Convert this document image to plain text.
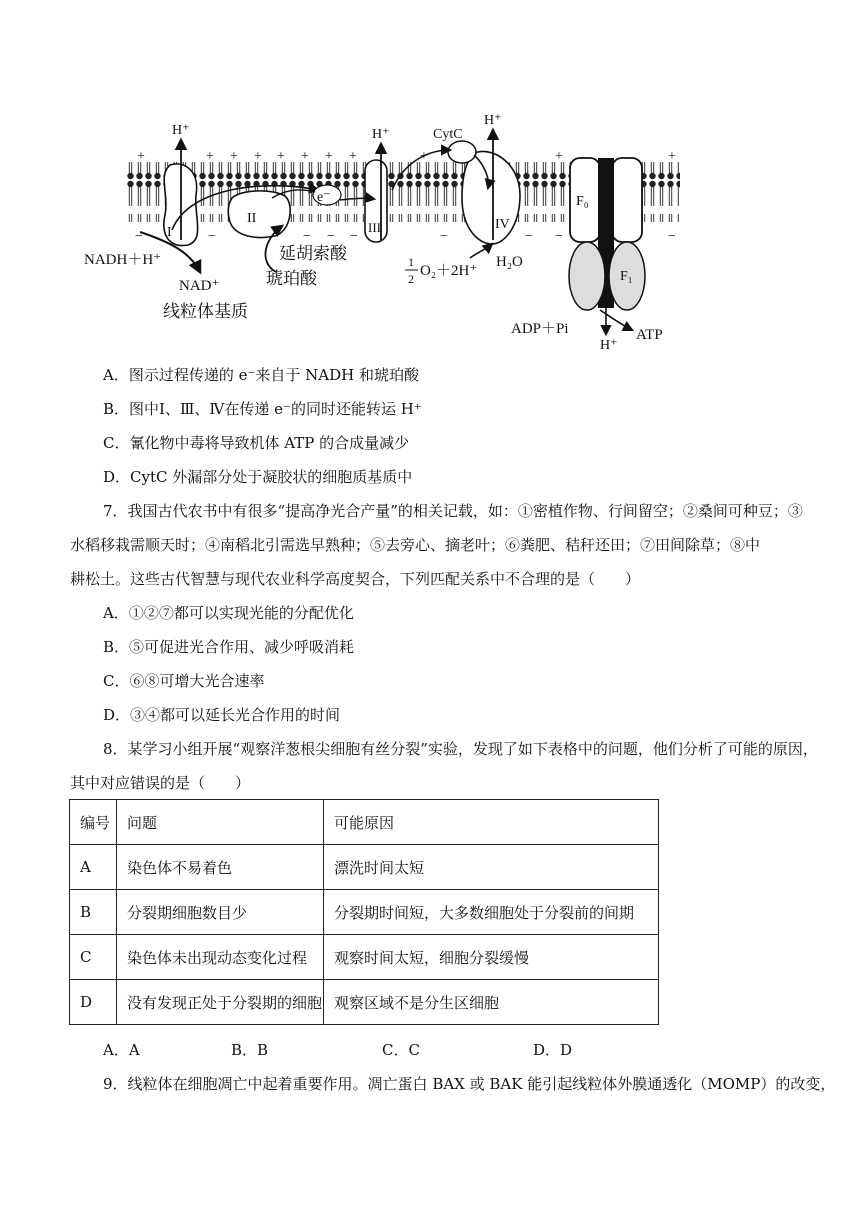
I
II
III	IV
CytC
F₀
F₁
+	+ + + + + + +	+	+	+
−	−	− − −	−	− −	−
H⁺	H⁺
H⁺
e⁻
NADH＋H⁺
NAD⁺
线粒体基质
延胡索酸
琥珀酸
1
2 O₂＋2H⁺
H₂O
ADP＋Pi	ATP
H⁺
A．图示过程传递的 e⁻来自于 NADH 和琥珀酸
B．图中Ⅰ、Ⅲ、Ⅳ在传递 e⁻的同时还能转运 H⁺
C．氰化物中毒将导致机体 ATP 的合成量减少
D．CytC 外漏部分处于凝胶状的细胞质基质中
7．我国古代农书中有很多“提高净光合产量”的相关记载，如：①密植作物、行间留空；②桑间可种豆；③
水稻移栽需顺天时；④南稻北引需选早熟种；⑤去旁心、摘老叶；⑥粪肥、秸秆还田；⑦田间除草；⑧中
耕松土。这些古代智慧与现代农业科学高度契合，下列匹配关系中不合理的是（　　）
A．①②⑦都可以实现光能的分配优化
B．⑤可促进光合作用、减少呼吸消耗
C．⑥⑧可增大光合速率
D．③④都可以延长光合作用的时间
8．某学习小组开展“观察洋葱根尖细胞有丝分裂”实验，发现了如下表格中的问题，他们分析了可能的原因，
其中对应错误的是（　　）
编号	问题	可能原因
A	染色体不易着色	漂洗时间太短
B	分裂期细胞数目少	分裂期时间短，大多数细胞处于分裂前的间期
C	染色体未出现动态变化过程	观察时间太短，细胞分裂缓慢
D	没有发现正处于分裂期的细胞	观察区域不是分生区细胞
A．A	B．B	C．C	D．D
9．线粒体在细胞凋亡中起着重要作用。凋亡蛋白 BAX 或 BAK 能引起线粒体外膜通透化（MOMP）的改变，
